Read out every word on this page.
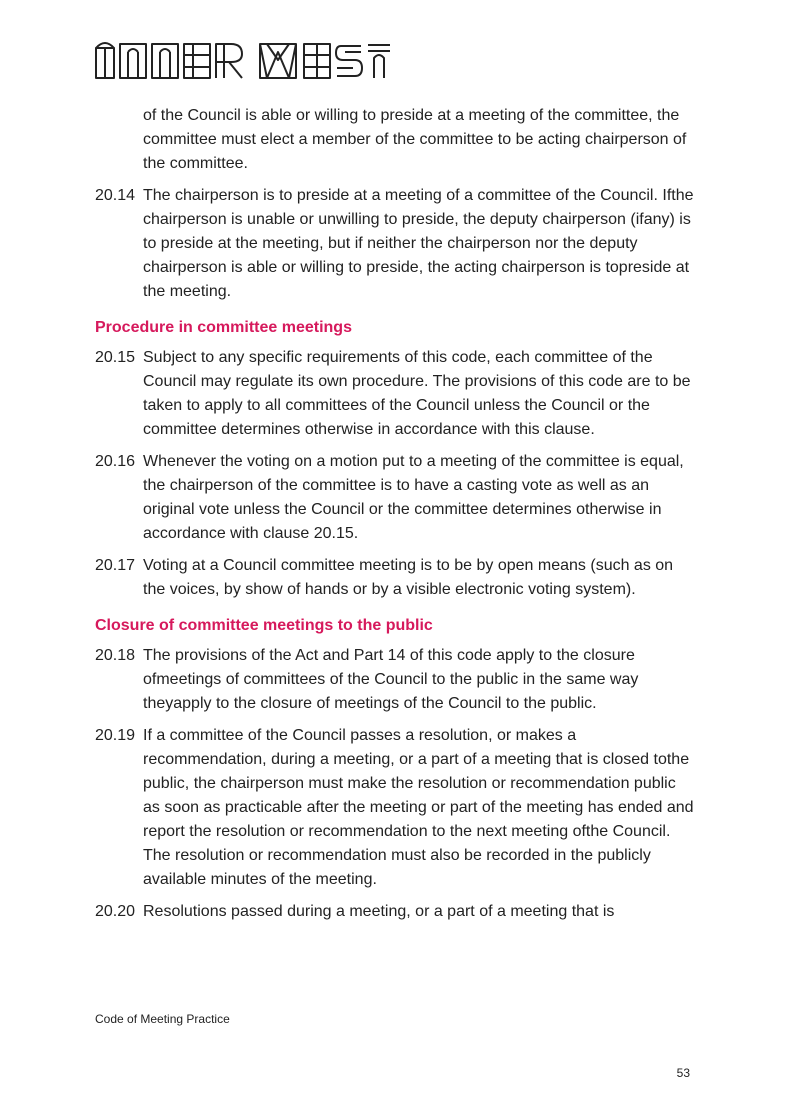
of the Council is able or willing to preside at a meeting of the committee, the committee must elect a member of the committee to be acting chairperson of the committee.

20.14 The chairperson is to preside at a meeting of a committee of the Council. Ifthe chairperson is unable or unwilling to preside, the deputy chairperson (ifany) is to preside at the meeting, but if neither the chairperson nor the deputy chairperson is able or willing to preside, the acting chairperson is topreside at the meeting.
Procedure in committee meetings
20.15 Subject to any specific requirements of this code, each committee of the Council may regulate its own procedure. The provisions of this code are to be taken to apply to all committees of the Council unless the Council or the committee determines otherwise in accordance with this clause.
20.16 Whenever the voting on a motion put to a meeting of the committee is equal, the chairperson of the committee is to have a casting vote as well as an original vote unless the Council or the committee determines otherwise in accordance with clause 20.15.
20.17 Voting at a Council committee meeting is to be by open means (such as on the voices, by show of hands or by a visible electronic voting system).
Closure of committee meetings to the public
20.18 The provisions of the Act and Part 14 of this code apply to the closure ofmeetings of committees of the Council to the public in the same way theyapply to the closure of meetings of the Council to the public.
20.19 If a committee of the Council passes a resolution, or makes a recommendation, during a meeting, or a part of a meeting that is closed tothe public, the chairperson must make the resolution or recommendation public as soon as practicable after the meeting or part of the meeting has ended and report the resolution or recommendation to the next meeting ofthe Council. The resolution or recommendation must also be recorded in the publicly available minutes of the meeting.
20.20 Resolutions passed during a meeting, or a part of a meeting that is
Code of Meeting Practice
53
